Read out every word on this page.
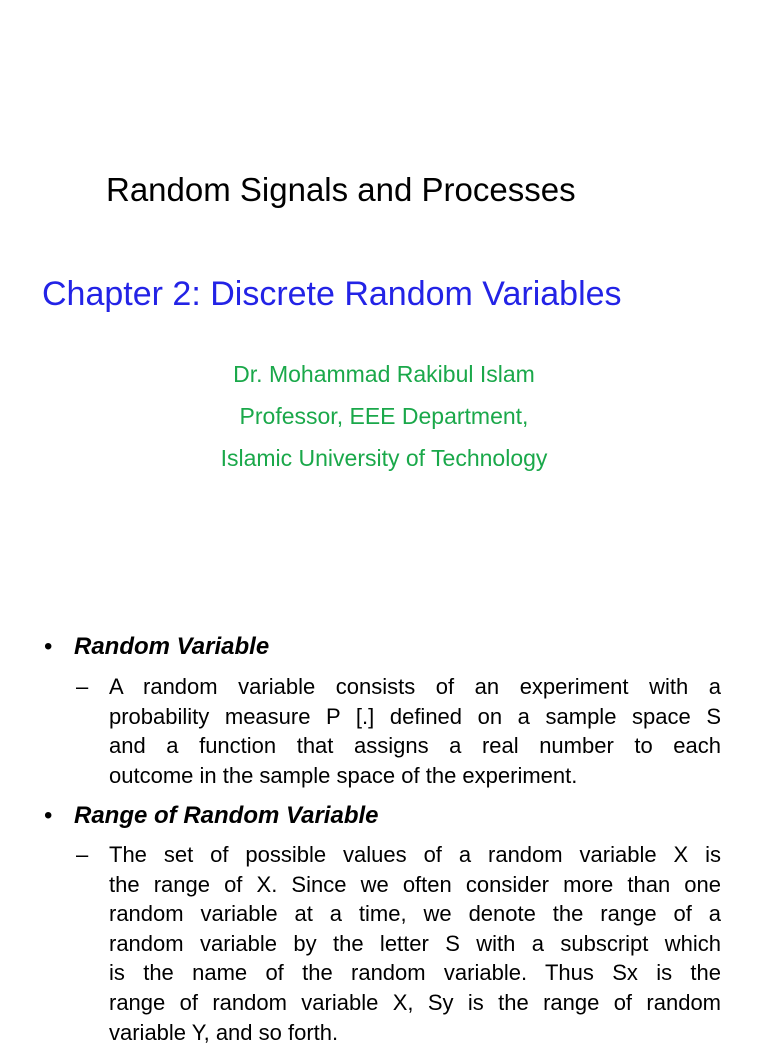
Random Signals and Processes
Chapter 2: Discrete Random Variables
Dr. Mohammad Rakibul Islam
Professor, EEE Department,
Islamic University of Technology
• Random Variable
– A random variable consists of an experiment with a
probability measure P [.] defined on a sample space S
and a function that assigns a real number to each
outcome in the sample space of the experiment.
• Range of Random Variable
– The set of possible values of a random variable X is
the range of X. Since we often consider more than one
random variable at a time, we denote the range of a
random variable by the letter S with a subscript which
is the name of the random variable. Thus Sx is the
range of random variable X, Sy is the range of random
variable Y, and so forth.
